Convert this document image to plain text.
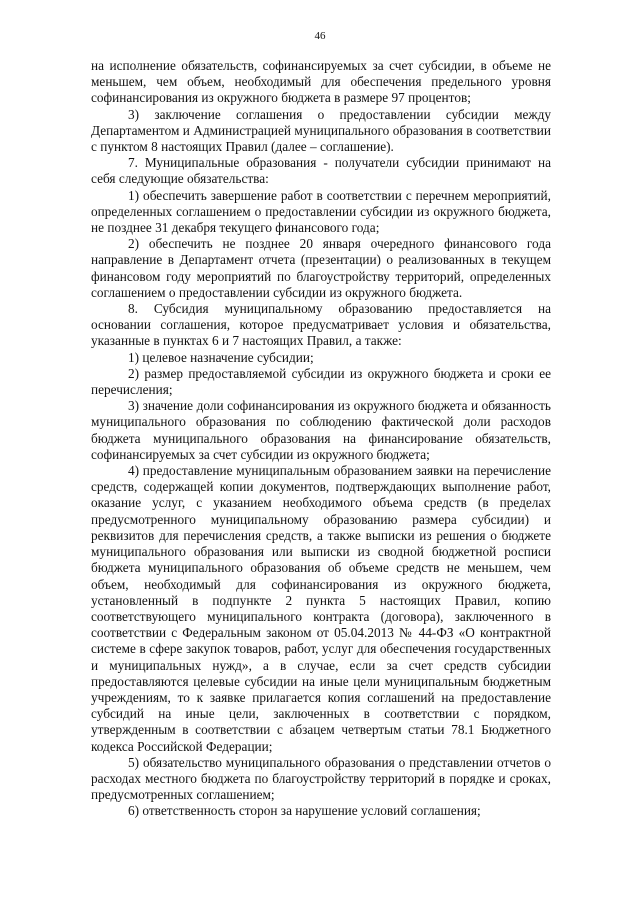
46

на исполнение обязательств, софинансируемых за счет субсидии, в объеме не меньшем, чем объем, необходимый для обеспечения предельного уровня софинансирования из окружного бюджета в размере 97 процентов;

3) заключение соглашения о предоставлении субсидии между Департаментом и Администрацией муниципального образования в соответствии с пунктом 8 настоящих Правил (далее – соглашение).

7. Муниципальные образования - получатели субсидии принимают на себя следующие обязательства:

1) обеспечить завершение работ в соответствии с перечнем мероприятий, определенных соглашением о предоставлении субсидии из окружного бюджета, не позднее 31 декабря текущего финансового года;

2) обеспечить не позднее 20 января очередного финансового года направление в Департамент отчета (презентации) о реализованных в текущем финансовом году мероприятий по благоустройству территорий, определенных соглашением о предоставлении субсидии из окружного бюджета.

8. Субсидия муниципальному образованию предоставляется на основании соглашения, которое предусматривает условия и обязательства, указанные в пунктах 6 и 7 настоящих Правил, а также:

1) целевое назначение субсидии;

2) размер предоставляемой субсидии из окружного бюджета и сроки ее перечисления;

3) значение доли софинансирования из окружного бюджета и обязанность муниципального образования по соблюдению фактической доли расходов бюджета муниципального образования на финансирование обязательств, софинансируемых за счет субсидии из окружного бюджета;

4) предоставление муниципальным образованием заявки на перечисление средств, содержащей копии документов, подтверждающих выполнение работ, оказание услуг, с указанием необходимого объема средств (в пределах предусмотренного муниципальному образованию размера субсидии) и реквизитов для перечисления средств, а также выписки из решения о бюджете муниципального образования или выписки из сводной бюджетной росписи бюджета муниципального образования об объеме средств не меньшем, чем объем, необходимый для софинансирования из окружного бюджета, установленный в подпункте 2 пункта 5 настоящих Правил, копию соответствующего муниципального контракта (договора), заключенного в соответствии с Федеральным законом от 05.04.2013 № 44-ФЗ «О контрактной системе в сфере закупок товаров, работ, услуг для обеспечения государственных и муниципальных нужд», а в случае, если за счет средств субсидии предоставляются целевые субсидии на иные цели муниципальным бюджетным учреждениям, то к заявке прилагается копия соглашений на предоставление субсидий на иные цели, заключенных в соответствии с порядком, утвержденным в соответствии с абзацем четвертым статьи 78.1 Бюджетного кодекса Российской Федерации;

5) обязательство муниципального образования о представлении отчетов о расходах местного бюджета по благоустройству территорий в порядке и сроках, предусмотренных соглашением;

6) ответственность сторон за нарушение условий соглашения;
